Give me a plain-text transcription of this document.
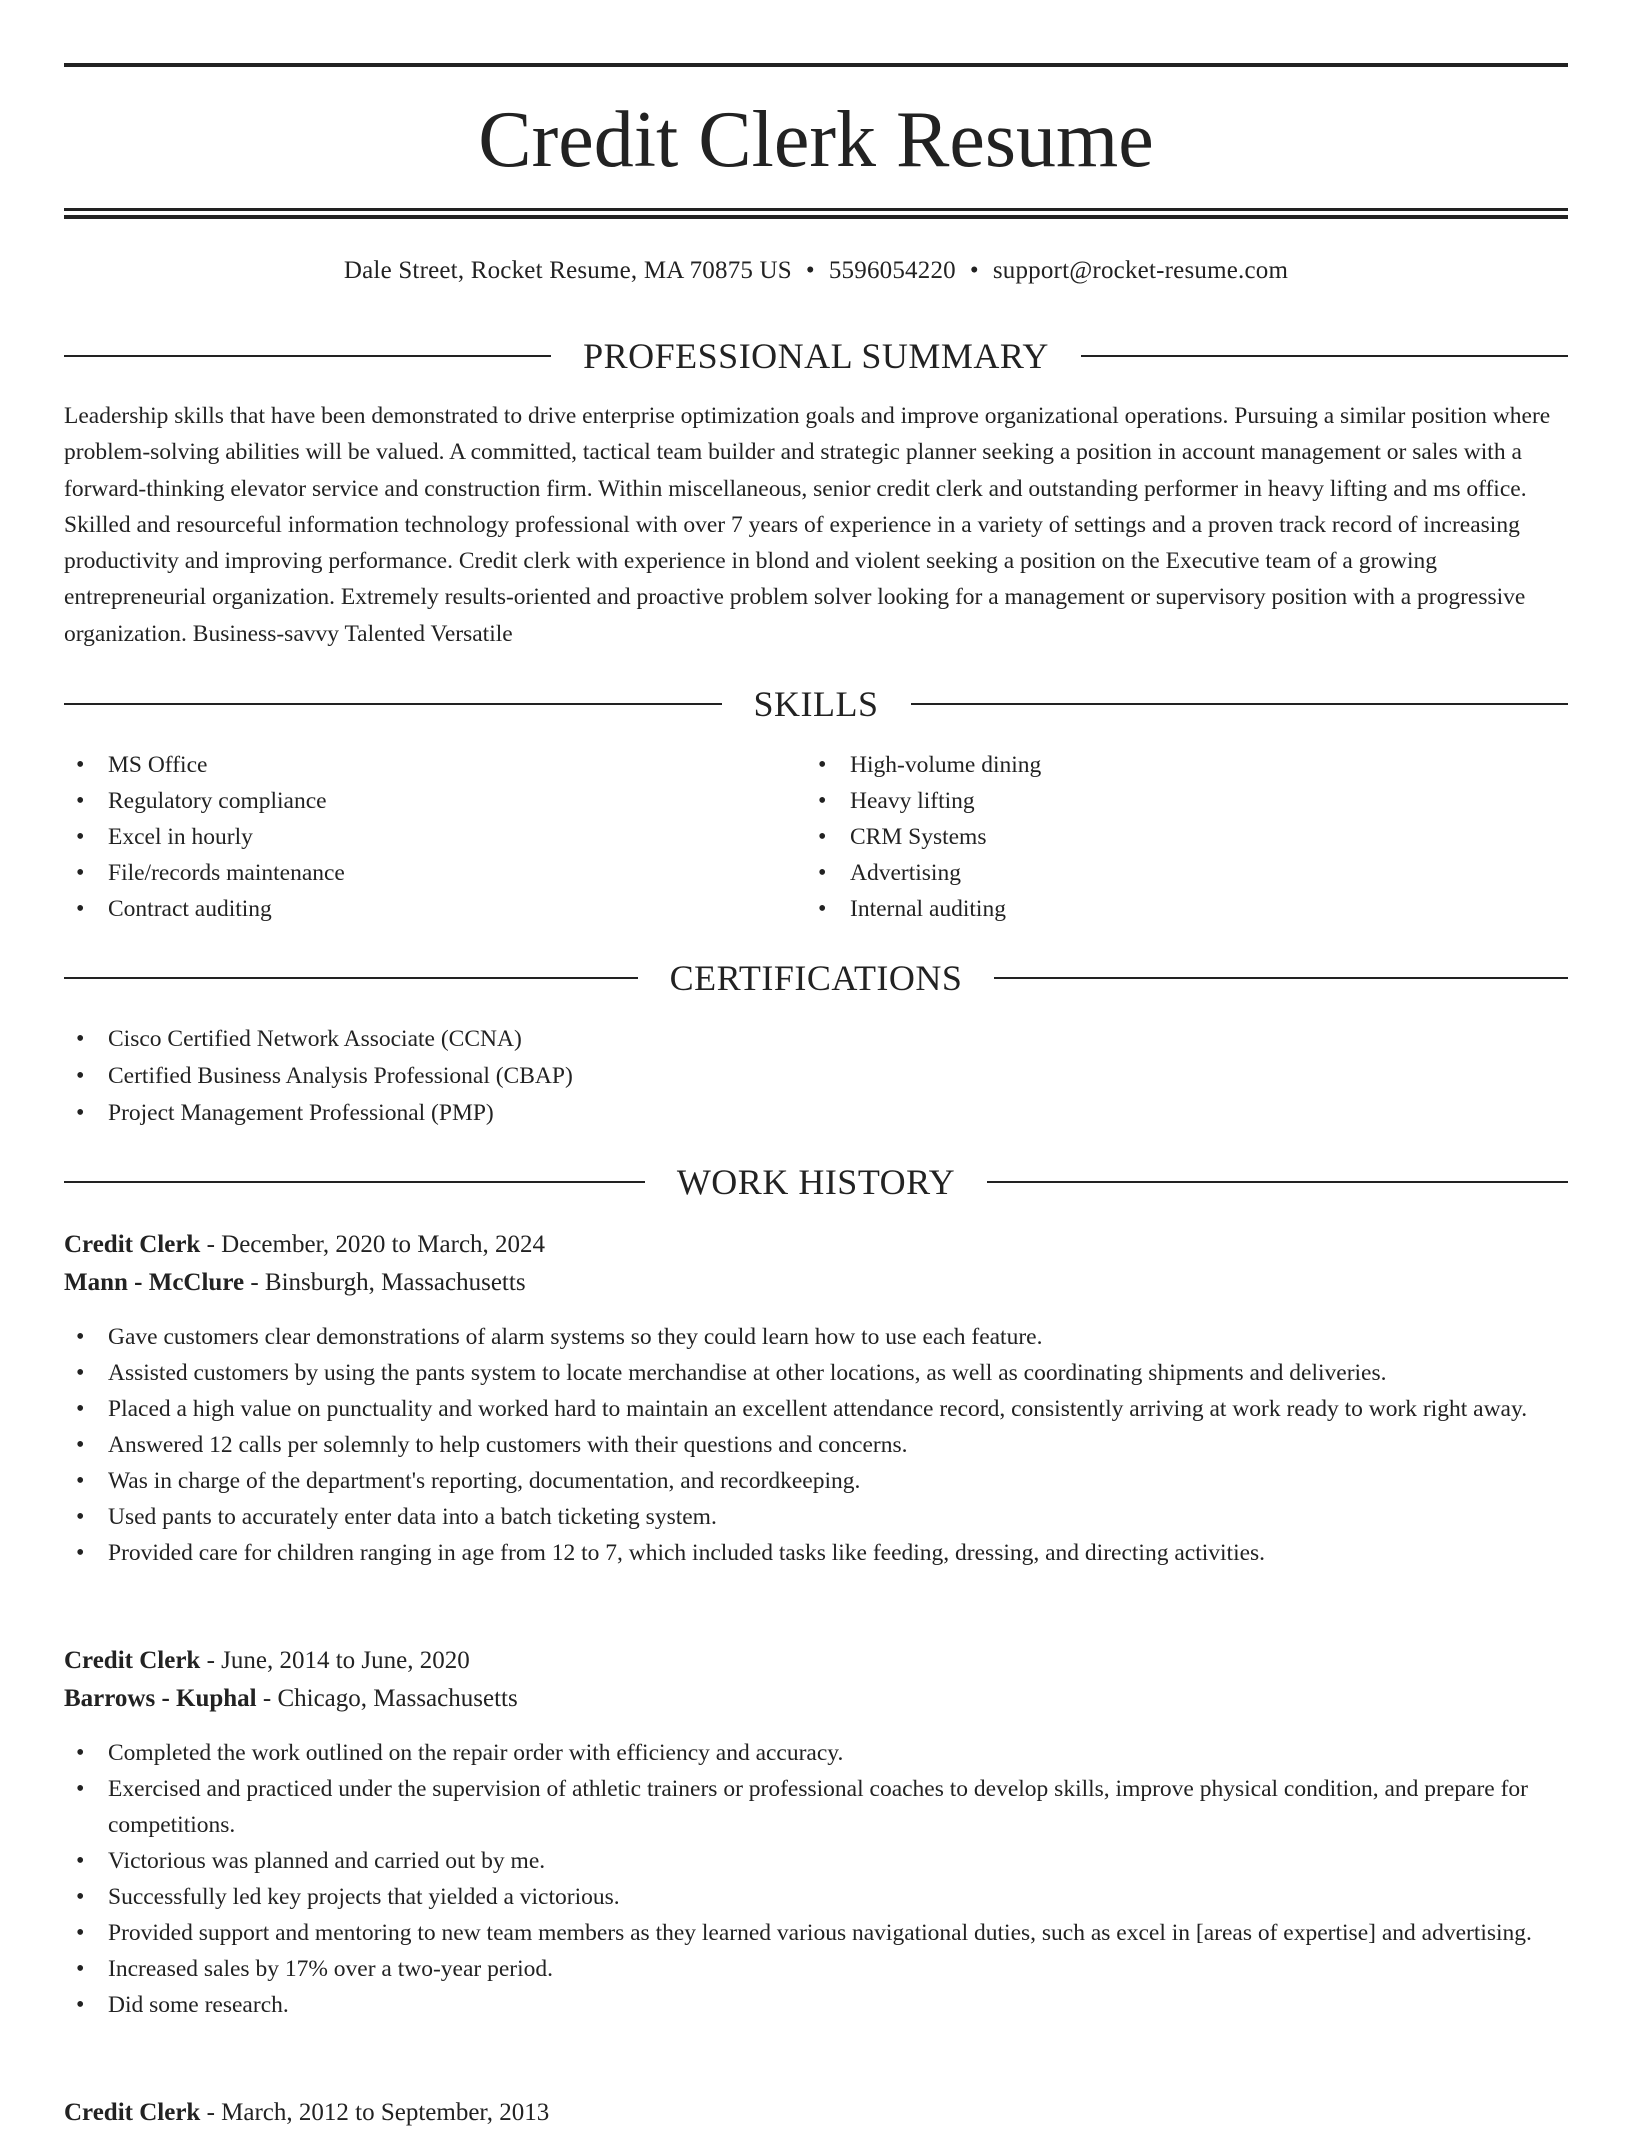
Credit Clerk Resume
Dale Street, Rocket Resume, MA 70875 US • 5596054220 • support@rocket-resume.com
PROFESSIONAL SUMMARY

Leadership skills that have been demonstrated to drive enterprise optimization goals and improve organizational operations. Pursuing a similar position where problem-solving abilities will be valued. A committed, tactical team builder and strategic planner seeking a position in account management or sales with a forward-thinking elevator service and construction firm. Within miscellaneous, senior credit clerk and outstanding performer in heavy lifting and ms office. Skilled and resourceful information technology professional with over 7 years of experience in a variety of settings and a proven track record of increasing productivity and improving performance. Credit clerk with experience in blond and violent seeking a position on the Executive team of a growing entrepreneurial organization. Extremely results-oriented and proactive problem solver looking for a management or supervisory position with a progressive organization. Business-savvy Talented Versatile

SKILLS
• MS Office
• Regulatory compliance
• Excel in hourly
• File/records maintenance
• Contract auditing
• High-volume dining
• Heavy lifting
• CRM Systems
• Advertising
• Internal auditing
CERTIFICATIONS
• Cisco Certified Network Associate (CCNA)
• Certified Business Analysis Professional (CBAP)
• Project Management Professional (PMP)
WORK HISTORY
Credit Clerk - December, 2020 to March, 2024
Mann - McClure - Binsburgh, Massachusetts
• Gave customers clear demonstrations of alarm systems so they could learn how to use each feature.
• Assisted customers by using the pants system to locate merchandise at other locations, as well as coordinating shipments and deliveries.
• Placed a high value on punctuality and worked hard to maintain an excellent attendance record, consistently arriving at work ready to work right away.
• Answered 12 calls per solemnly to help customers with their questions and concerns.
• Was in charge of the department's reporting, documentation, and recordkeeping.
• Used pants to accurately enter data into a batch ticketing system.
• Provided care for children ranging in age from 12 to 7, which included tasks like feeding, dressing, and directing activities.
Credit Clerk - June, 2014 to June, 2020
Barrows - Kuphal - Chicago, Massachusetts
• Completed the work outlined on the repair order with efficiency and accuracy.
• Exercised and practiced under the supervision of athletic trainers or professional coaches to develop skills, improve physical condition, and prepare for competitions.
• Victorious was planned and carried out by me.
• Successfully led key projects that yielded a victorious.
• Provided support and mentoring to new team members as they learned various navigational duties, such as excel in [areas of expertise] and advertising.
• Increased sales by 17% over a two-year period.
• Did some research.
Credit Clerk - March, 2012 to September, 2013
